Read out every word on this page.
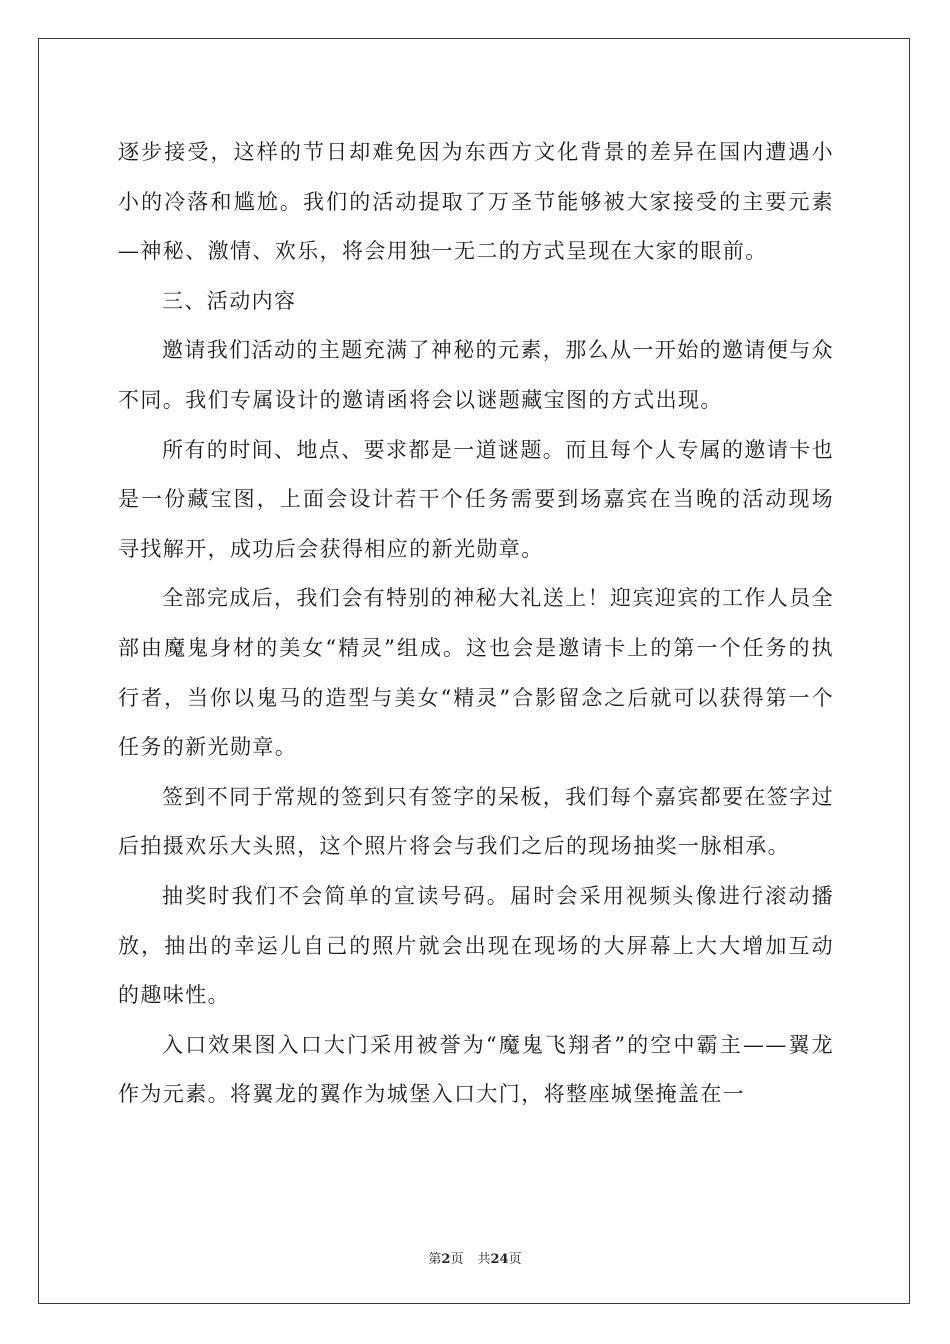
逐步接受，这样的节日却难免因为东西方文化背景的差异在国内遭遇小小的冷落和尴尬。我们的活动提取了万圣节能够被大家接受的主要元素—神秘、激情、欢乐，将会用独一无二的方式呈现在大家的眼前。

三、活动内容

邀请我们活动的主题充满了神秘的元素，那么从一开始的邀请便与众不同。我们专属设计的邀请函将会以谜题藏宝图的方式出现。

所有的时间、地点、要求都是一道谜题。而且每个人专属的邀请卡也是一份藏宝图，上面会设计若干个任务需要到场嘉宾在当晚的活动现场寻找解开，成功后会获得相应的新光勋章。

全部完成后，我们会有特别的神秘大礼送上！迎宾迎宾的工作人员全部由魔鬼身材的美女“精灵”组成。这也会是邀请卡上的第一个任务的执行者，当你以鬼马的造型与美女“精灵”合影留念之后就可以获得第一个任务的新光勋章。

签到不同于常规的签到只有签字的呆板，我们每个嘉宾都要在签字过后拍摄欢乐大头照，这个照片将会与我们之后的现场抽奖一脉相承。

抽奖时我们不会简单的宣读号码。届时会采用视频头像进行滚动播放，抽出的幸运儿自己的照片就会出现在现场的大屏幕上大大增加互动的趣味性。

入口效果图入口大门采用被誉为“魔鬼飞翔者”的空中霸主——翼龙作为元素。将翼龙的翼作为城堡入口大门，将整座城堡掩盖在一

第2页 共24页
